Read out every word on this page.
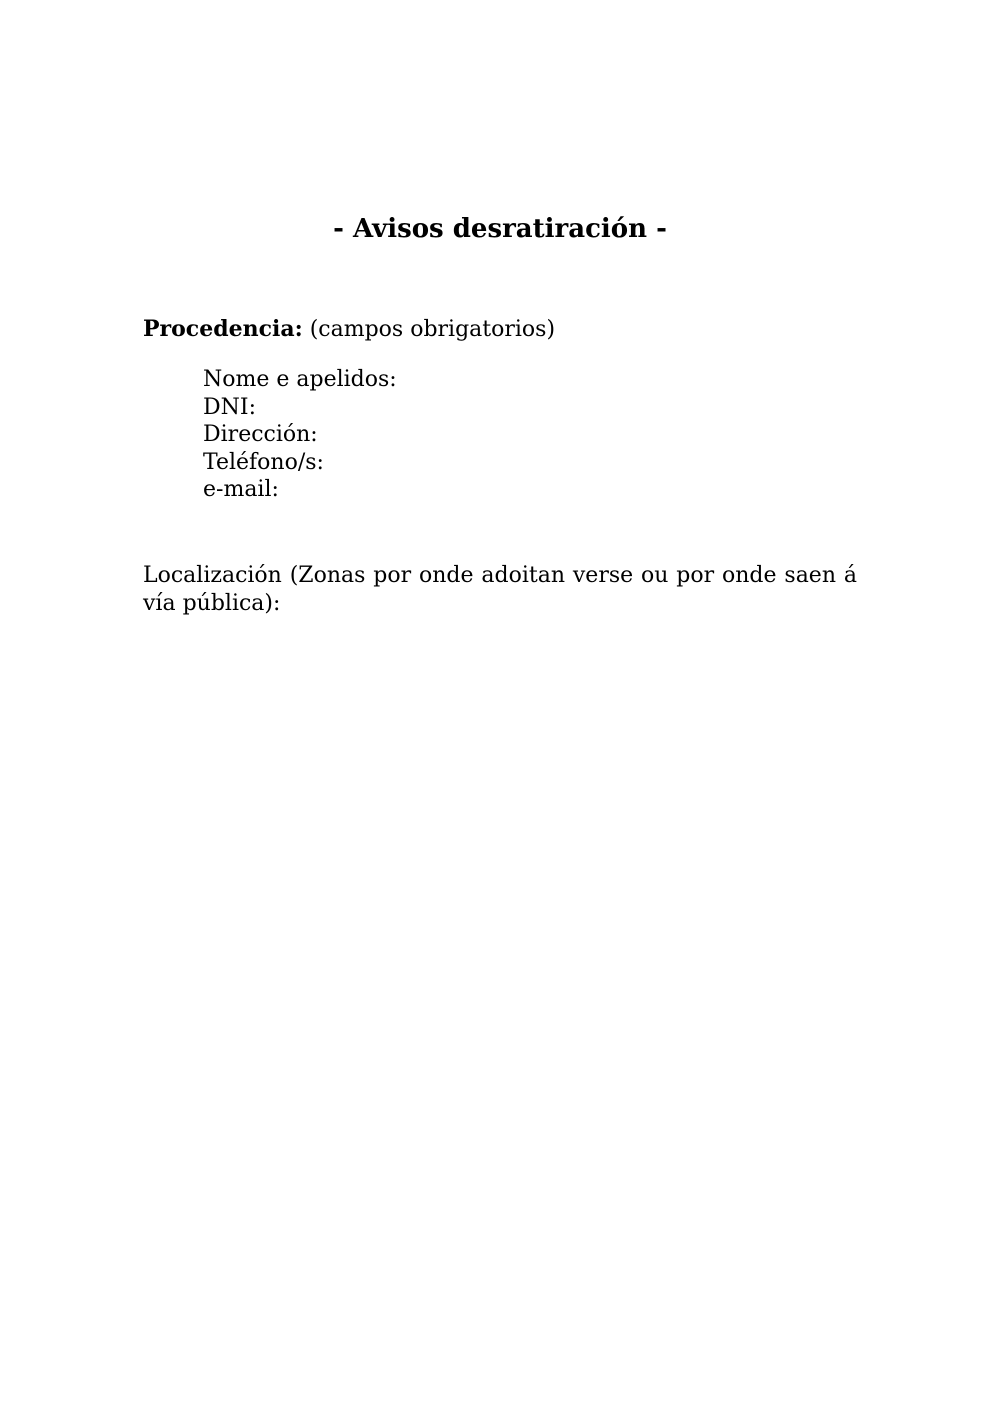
- Avisos desratiración -
Procedencia: (campos obrigatorios)
Nome e apelidos:
DNI:
Dirección:
Teléfono/s:
e-mail:
Localización (Zonas por onde adoitan verse ou por onde saen á vía pública):
